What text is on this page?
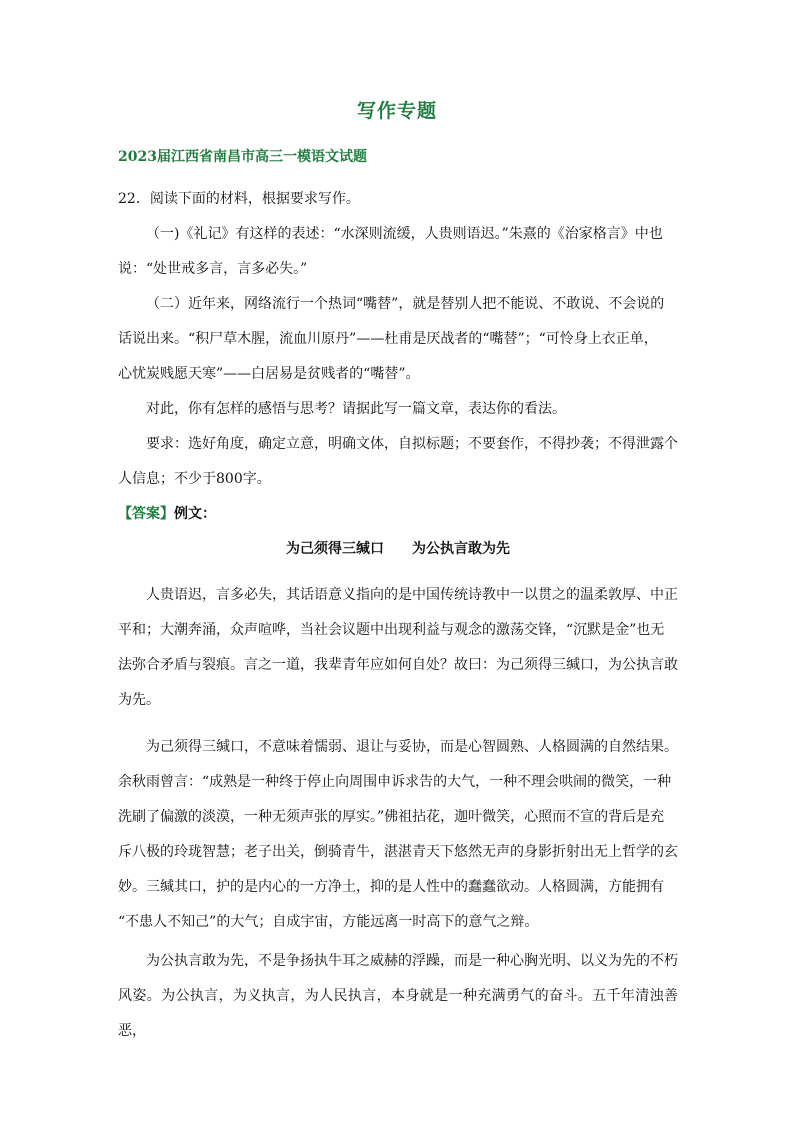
写作专题
2023届江西省南昌市高三一模语文试题

22．阅读下面的材料，根据要求写作。

（一)《礼记》有这样的表述：“水深则流缓，人贵则语迟。”朱熹的《治家格言》中也

说：“处世戒多言，言多必失。”

（二）近年来，网络流行一个热词“嘴替”，就是替别人把不能说、不敢说、不会说的

话说出来。“积尸草木腥，流血川原丹”——杜甫是厌战者的“嘴替”；“可怜身上衣正单，

心忧炭贱愿天寒”——白居易是贫贱者的“嘴替”。

对此，你有怎样的感悟与思考？请据此写一篇文章，表达你的看法。

要求：选好角度，确定立意，明确文体，自拟标题；不要套作，不得抄袭；不得泄露个

人信息；不少于800字。

【答案】例文：

为己须得三缄口　　为公执言敢为先

人贵语迟，言多必失，其话语意义指向的是中国传统诗教中一以贯之的温柔敦厚、中正

平和；大潮奔涌，众声喧哗，当社会议题中出现利益与观念的激荡交锋，“沉默是金”也无

法弥合矛盾与裂痕。言之一道，我辈青年应如何自处？故曰：为己须得三缄口，为公执言敢

为先。

为己须得三缄口，不意味着懦弱、退让与妥协，而是心智圆熟、人格圆满的自然结果。

余秋雨曾言：“成熟是一种终于停止向周围申诉求告的大气，一种不理会哄闹的微笑，一种

洗刷了偏激的淡漠，一种无须声张的厚实。”佛祖拈花，迦叶微笑，心照而不宣的背后是充

斥八极的玲珑智慧；老子出关，倒骑青牛，湛湛青天下悠然无声的身影折射出无上哲学的玄

妙。三缄其口，护的是内心的一方净土，抑的是人性中的蠢蠢欲动。人格圆满，方能拥有

“不患人不知己”的大气；自成宇宙，方能远离一时高下的意气之辩。

为公执言敢为先，不是争扬执牛耳之威赫的浮躁，而是一种心胸光明、以义为先的不朽

风姿。为公执言，为义执言，为人民执言，本身就是一种充满勇气的奋斗。五千年清浊善恶，
